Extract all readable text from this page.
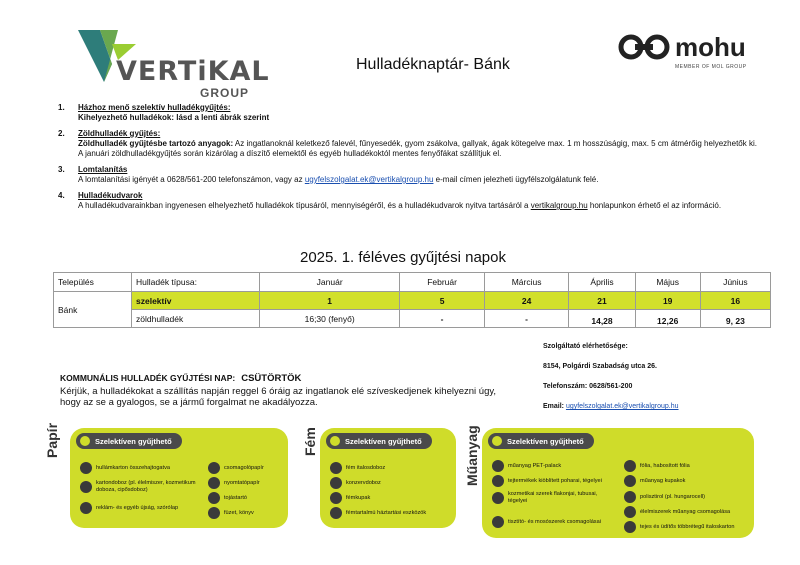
VERTiKAL
GROUP
mohu
MEMBER OF MOL GROUP
Hulladéknaptár- Bánk
1.	Házhoz menő szelektív hulladékgyűjtés:
Kihelyezhető hulladékok: lásd a lenti ábrák szerint
2.	Zöldhulladék gyűjtés:
Zöldhulladék gyűjtésbe tartozó anyagok: Az ingatlanoknál keletkező falevél, fűnyesedék, gyom zsákolva, gallyak, ágak kötegelve max. 1 m hosszúságig, max. 5 cm átmérőig helyezhetők ki.
A januári zöldhulladékgyűjtés során kizárólag a díszítő elemektől és egyéb hulladékoktól mentes fenyőfákat szállítjuk el.
3.	Lomtalanítás
A lomtalanítási igényét a 0628/561-200 telefonszámon, vagy az ugyfelszolgalat.ek@vertikalgroup.hu e-mail címen jelezheti ügyfélszolgálatunk felé.
4.	Hulladékudvarok
A hulladékudvarainkban ingyenesen elhelyezhető hulladékok típusáról, mennyiségéről, és a hulladékudvarok nyitva tartásáról a vertikalgroup.hu honlapunkon érhető el az információ.
2025. 1. féléves gyűjtési napok
Település	Hulladék típusa:	Január	Február	Március	Április	Május	Június
Bánk	szelektív	1	5	24	21	19	16
	zöldhulladék	16;30 (fenyő)	-	-	14,28	12,26	9, 23
Szolgáltató elérhetősége:
8154, Polgárdi Szabadság utca 26.
Telefonszám: 0628/561-200
Email: ugyfelszolgalat.ek@vertikalgroup.hu
KOMMUNÁLIS HULLADÉK GYŰJTÉSI NAP: CSÜTÖRTÖK
Kérjük, a hulladékokat a szállítás napján reggel 6 óráig az ingatlanok elé szíveskedjenek kihelyezni úgy, hogy az se a gyalogos, se a jármű forgalmat ne akadályozza.
Papír	Szelektíven gyűjthető
hullámkarton összehajtogatva
kartondoboz (pl. élelmiszer, kozmetikum doboza, cipősdoboz)
reklám- és egyéb újság, szórólap
csomagolópapír
nyomtatópapír
tojástartó
füzet, könyv
Fém	Szelektíven gyűjthető
fém italosdoboz
konzervdoboz
fémkupak
fémtartalmú háztartási eszközök
Műanyag	Szelektíven gyűjthető
műanyag PET-palack
tejtermékek kiöblített poharai, tégelyei
kozmetikai szerek flakonjai, tubusai, tégelyei
tisztító- és mosószerek csomagolásai
fólia, habosított fólia
műanyag kupakok
polisztirol (pl. hungarocell)
élelmiszerek műanyag csomagolása
tejes és üdítős többrétegű italoskarton
